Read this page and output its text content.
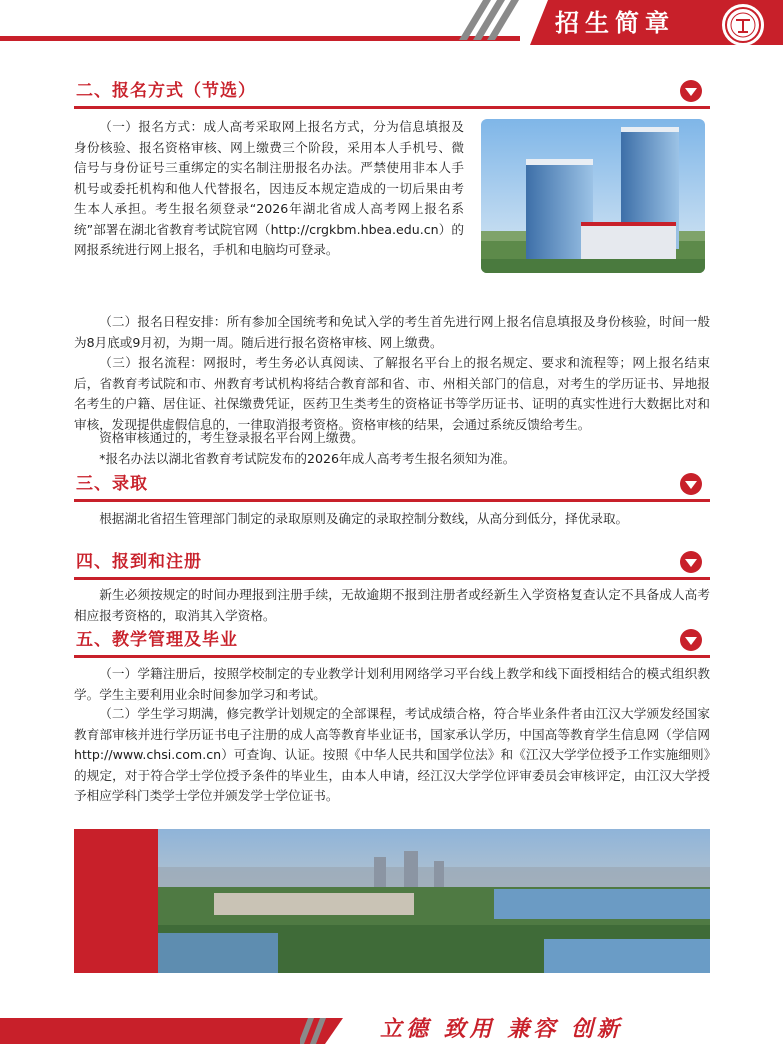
招生简章
二、报名方式（节选）

（一）报名方式：成人高考采取网上报名方式，分为信息填报及身份核验、报名资格审核、网上缴费三个阶段，采用本人手机号、微信号与身份证号三重绑定的实名制注册报名办法。严禁使用非本人手机号或委托机构和他人代替报名，因违反本规定造成的一切后果由考生本人承担。考生报名须登录“2026年湖北省成人高考网上报名系统”部署在湖北省教育考试院官网（http://crgkbm.hbea.edu.cn）的网报系统进行网上报名，手机和电脑均可登录。

（二）报名日程安排：所有参加全国统考和免试入学的考生首先进行网上报名信息填报及身份核验，时间一般为8月底或9月初，为期一周。随后进行报名资格审核、网上缴费。

（三）报名流程：网报时，考生务必认真阅读、了解报名平台上的报名规定、要求和流程等；网上报名结束后，省教育考试院和市、州教育考试机构将结合教育部和省、市、州相关部门的信息，对考生的学历证书、异地报名考生的户籍、居住证、社保缴费凭证，医药卫生类考生的资格证书等学历证书、证明的真实性进行大数据比对和审核，发现提供虚假信息的，一律取消报考资格。资格审核的结果，会通过系统反馈给考生。

资格审核通过的，考生登录报名平台网上缴费。

*报名办法以湖北省教育考试院发布的2026年成人高考考生报名须知为准。

三、录取

根据湖北省招生管理部门制定的录取原则及确定的录取控制分数线，从高分到低分，择优录取。

四、报到和注册

新生必须按规定的时间办理报到注册手续，无故逾期不报到注册者或经新生入学资格复查认定不具备成人高考相应报考资格的，取消其入学资格。

五、教学管理及毕业

（一）学籍注册后，按照学校制定的专业教学计划利用网络学习平台线上教学和线下面授相结合的模式组织教学。学生主要利用业余时间参加学习和考试。

（二）学生学习期满，修完教学计划规定的全部课程，考试成绩合格，符合毕业条件者由江汉大学颁发经国家教育部审核并进行学历证书电子注册的成人高等教育毕业证书，国家承认学历，中国高等教育学生信息网（学信网http://www.chsi.com.cn）可查询、认证。按照《中华人民共和国学位法》和《江汉大学学位授予工作实施细则》的规定，对于符合学士学位授予条件的毕业生，由本人申请，经江汉大学学位评审委员会审核评定，由江汉大学授予相应学科门类学士学位并颁发学士学位证书。

立德 致用 兼容 创新
